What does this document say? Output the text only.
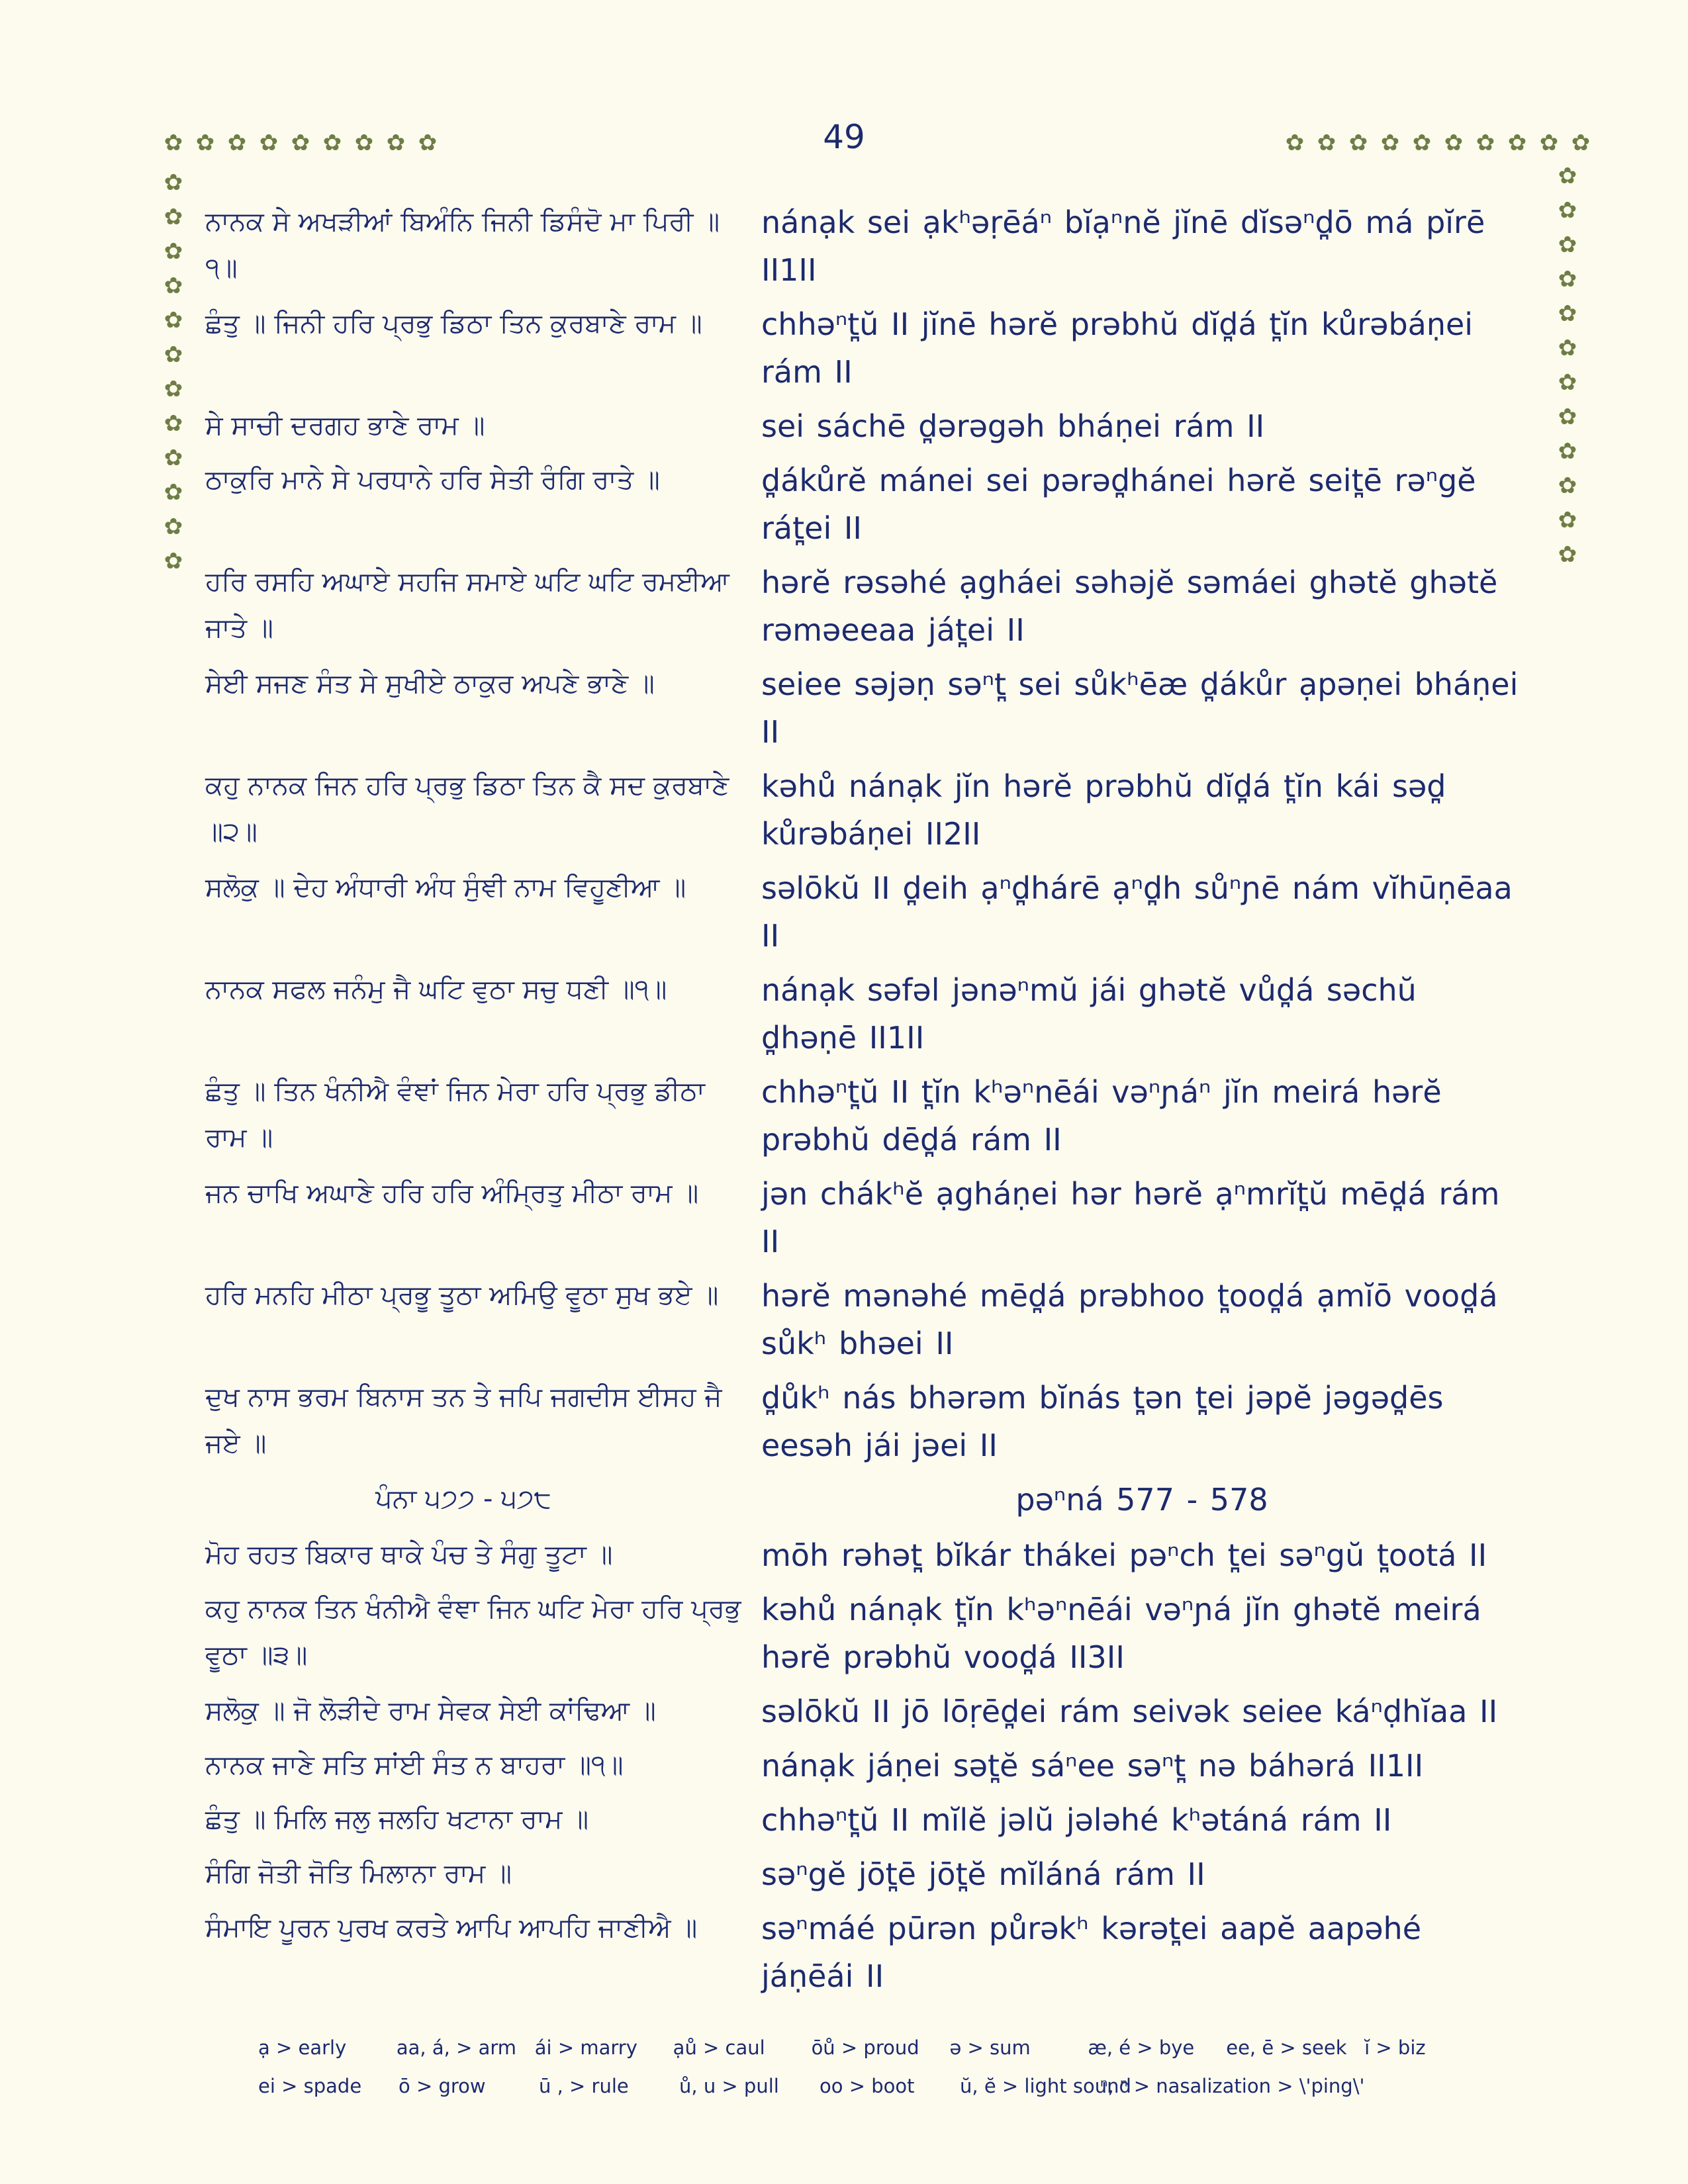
49
✿ ✿ ✿ ✿ ✿ ✿ ✿ ✿ ✿	✿ ✿ ✿ ✿ ✿ ✿ ✿ ✿ ✿ ✿
✿
✿
✿
✿
✿
✿
✿
✿
✿
✿
✿
✿
✿
✿
✿
✿
✿
✿
✿
✿
✿
✿
✿
✿
ਨਾਨਕ ਸੇ ਅਖੜੀਆਂ ਬਿਅੰਨਿ ਜਿਨੀ ਡਿਸੰਦੋ ਮਾ ਪਿਰੀ ॥੧॥
nánạk sei ạkʰəṛēáⁿ bĭạⁿnĕ jĭnē dĭsəⁿd̪ō má pĭrē II1II
ਛੰਤੁ ॥ ਜਿਨੀ ਹਰਿ ਪ੍ਰਭੁ ਡਿਠਾ ਤਿਨ ਕੁਰਬਾਣੇ ਰਾਮ ॥	chhəⁿt̪ŭ II jĭnē hərĕ prəbhŭ dĭd̪á t̪ĭn kůrəbáṇei rám II
ਸੇ ਸਾਚੀ ਦਰਗਹ ਭਾਣੇ ਰਾਮ ॥	sei sáchē d̪ərəgəh bháṇei rám II
ਠਾਕੁਰਿ ਮਾਨੇ ਸੇ ਪਰਧਾਨੇ ਹਰਿ ਸੇਤੀ ਰੰਗਿ ਰਾਤੇ ॥	d̪ákůrĕ mánei sei pərəd̪hánei hərĕ seit̪ē rəⁿgĕ rát̪ei II
ਹਰਿ ਰਸਹਿ ਅਘਾਏ ਸਹਜਿ ਸਮਾਏ ਘਟਿ ਘਟਿ ਰਮਈਆ ਜਾਤੇ ॥
hərĕ rəsəhé ạgháei səhəjĕ səmáei ghətĕ ghətĕ rəməeeaa ját̪ei II
ਸੇਈ ਸਜਣ ਸੰਤ ਸੇ ਸੁਖੀਏ ਠਾਕੁਰ ਅਪਣੇ ਭਾਣੇ ॥	seiee səjəṇ səⁿt̪ sei sůkʰēæ d̪ákůr ạpəṇei bháṇei II
ਕਹੁ ਨਾਨਕ ਜਿਨ ਹਰਿ ਪ੍ਰਭੁ ਡਿਠਾ ਤਿਨ ਕੈ ਸਦ ਕੁਰਬਾਣੇ ॥੨॥
kəhů nánạk jĭn hərĕ prəbhŭ dĭd̪á t̪ĭn kái səd̪ kůrəbáṇei II2II
ਸਲੋਕੁ ॥ ਦੇਹ ਅੰਧਾਰੀ ਅੰਧ ਸੁੰਞੀ ਨਾਮ ਵਿਹੂਣੀਆ ॥	səlōkŭ II d̪eih ạⁿd̪hárē ạⁿd̪h sůⁿɲē nám vĭhūṇēaa II
ਨਾਨਕ ਸਫਲ ਜਨੰਮੁ ਜੈ ਘਟਿ ਵੁਠਾ ਸਚੁ ਧਣੀ ॥੧॥	nánạk səfəl jənəⁿmŭ jái ghətĕ vůd̪á səchŭ d̪həṇē II1II
ਛੰਤੁ ॥ ਤਿਨ ਖੰਨੀਐ ਵੰਞਾਂ ਜਿਨ ਮੇਰਾ ਹਰਿ ਪ੍ਰਭੁ ਡੀਠਾ ਰਾਮ ॥
chhəⁿt̪ŭ II t̪ĭn kʰəⁿnēái vəⁿɲáⁿ jĭn meirá hərĕ prəbhŭ dēd̪á rám II
ਜਨ ਚਾਖਿ ਅਘਾਣੇ ਹਰਿ ਹਰਿ ਅੰਮ੍ਰਿਤੁ ਮੀਠਾ ਰਾਮ ॥	jən chákʰĕ ạgháṇei hər hərĕ ạⁿmrĭt̪ŭ mēd̪á rám II
ਹਰਿ ਮਨਹਿ ਮੀਠਾ ਪ੍ਰਭੂ ਤੂਠਾ ਅਮਿਉ ਵੂਠਾ ਸੁਖ ਭਏ ॥	hərĕ mənəhé mēd̪á prəbhoo t̪ood̪á ạmĭō vood̪á sůkʰ bhəei II
ਦੁਖ ਨਾਸ ਭਰਮ ਬਿਨਾਸ ਤਨ ਤੇ ਜਪਿ ਜਗਦੀਸ ਈਸਹ ਜੈ ਜਏ ॥
d̪ůkʰ nás bhərəm bĭnás t̪ən t̪ei jəpĕ jəgəd̪ēs eesəh jái jəei II
ਪੰਨਾ ੫੭੭ - ੫੭੮	pəⁿná 577 - 578
ਮੋਹ ਰਹਤ ਬਿਕਾਰ ਥਾਕੇ ਪੰਚ ਤੇ ਸੰਗੁ ਤੂਟਾ ॥	mōh rəhət̪ bĭkár thákei pəⁿch t̪ei səⁿgŭ t̪ootá II
ਕਹੁ ਨਾਨਕ ਤਿਨ ਖੰਨੀਐ ਵੰਞਾ ਜਿਨ ਘਟਿ ਮੇਰਾ ਹਰਿ ਪ੍ਰਭੁ ਵੂਠਾ ॥੩॥
kəhů nánạk t̪ĭn kʰəⁿnēái vəⁿɲá jĭn ghətĕ meirá hərĕ prəbhŭ vood̪á II3II
ਸਲੋਕੁ ॥ ਜੋ ਲੋੜੀਦੇ ਰਾਮ ਸੇਵਕ ਸੇਈ ਕਾਂਢਿਆ ॥	səlōkŭ II jō lōṛēd̪ei rám seivək seiee káⁿḍhĭaa II
ਨਾਨਕ ਜਾਣੇ ਸਤਿ ਸਾਂਈ ਸੰਤ ਨ ਬਾਹਰਾ ॥੧॥	nánạk jáṇei sət̪ĕ sáⁿee səⁿt̪ nə báhərá II1II
ਛੰਤੁ ॥ ਮਿਲਿ ਜਲੁ ਜਲਹਿ ਖਟਾਨਾ ਰਾਮ ॥	chhəⁿt̪ŭ II mĭlĕ jəlŭ jələhé kʰətáná rám II
ਸੰਗਿ ਜੋਤੀ ਜੋਤਿ ਮਿਲਾਨਾ ਰਾਮ ॥	səⁿgĕ jōt̪ē jōt̪ĕ mĭláná rám II
ਸੰਮਾਇ ਪੂਰਨ ਪੁਰਖ ਕਰਤੇ ਆਪਿ ਆਪਹਿ ਜਾਣੀਐ ॥	səⁿmáé pūrən půrəkʰ kərət̪ei aapĕ aapəhé jáṇēái II
ạ > early	aa, á, > arm ái > marry	ạů > caul	ōů > proud	ə > sum	æ, é > bye	ee, ē > seek ĭ > biz
ei > spade	ō > grow	ū , > rule	ů, u > pull	oo > boot	ŭ, ĕ > light sound
ⁿ, ⁿ > nasalization > \'ping\'
